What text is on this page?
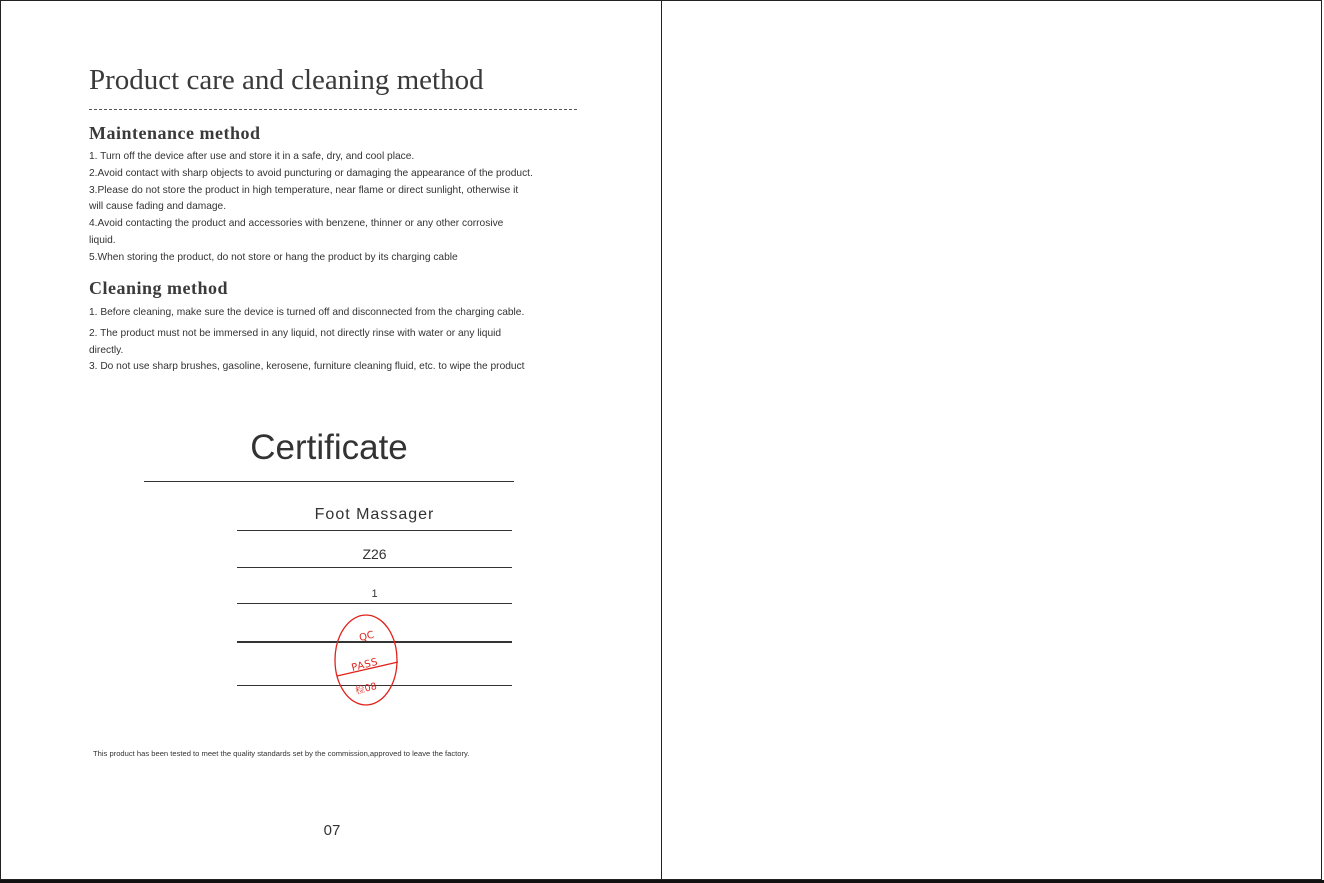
Product care and cleaning method
Maintenance method
1. Turn off the device after use and store it in a safe, dry, and cool place.
2.Avoid contact with sharp objects to avoid puncturing or damaging the appearance of the product.
3.Please do not store the product in high temperature, near flame or direct sunlight, otherwise it
will cause fading and damage.
4.Avoid contacting the product and accessories with benzene, thinner or any other corrosive
liquid.
5.When storing the product, do not store or hang the product by its charging cable
Cleaning method
1. Before cleaning, make sure the device is turned off and disconnected from the charging cable.
2. The product must not be immersed in any liquid, not directly rinse with water or any liquid
directly.
3. Do not use sharp brushes, gasoline, kerosene, furniture cleaning fluid, etc. to wipe the product
Certificate
Foot Massager
Z26
1
QC
PASS
检08

This product has been tested to meet the quality standards set by the commission,approved to leave the factory.

07
